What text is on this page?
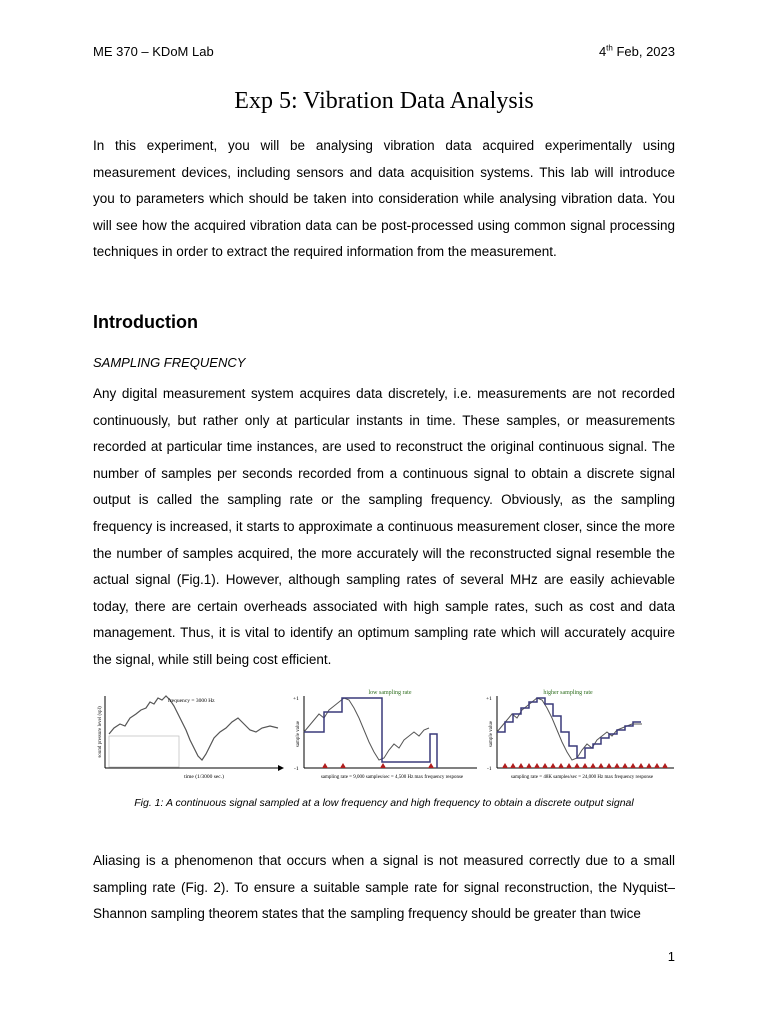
ME 370 – KDoM Lab	4th Feb, 2023
Exp 5: Vibration Data Analysis

In this experiment, you will be analysing vibration data acquired experimentally using measurement devices, including sensors and data acquisition systems. This lab will introduce you to parameters which should be taken into consideration while analysing vibration data. You will see how the acquired vibration data can be post-processed using common signal processing techniques in order to extract the required information from the measurement.

Introduction
SAMPLING FREQUENCY

Any digital measurement system acquires data discretely, i.e. measurements are not recorded continuously, but rather only at particular instants in time. These samples, or measurements recorded at particular time instances, are used to reconstruct the original continuous signal. The number of samples per seconds recorded from a continuous signal to obtain a discrete signal output is called the sampling rate or the sampling frequency. Obviously, as the sampling frequency is increased, it starts to approximate a continuous measurement closer, since the more the number of samples acquired, the more accurately will the reconstructed signal resemble the actual signal (Fig.1). However, although sampling rates of several MHz are easily achievable today, there are certain overheads associated with high sample rates, such as cost and data management. Thus, it is vital to identify an optimum sampling rate which will accurately acquire the signal, while still being cost efficient.

sound pressure level (spl)
frequency = 3000 Hz
time (1/3000 sec.)
+1
-1
sample value
low sampling rate
sampling rate = 9,000 samples/sec = 4,500 Hz max frequency response
+1
-1
sample value
higher sampling rate
sampling rate = 48K samples/sec = 24,000 Hz max frequency response
Fig. 1: A continuous signal sampled at a low frequency and high frequency to obtain a discrete output signal

Aliasing is a phenomenon that occurs when a signal is not measured correctly due to a small sampling rate (Fig. 2). To ensure a suitable sample rate for signal reconstruction, the Nyquist–Shannon sampling theorem states that the sampling frequency should be greater than twice

1
